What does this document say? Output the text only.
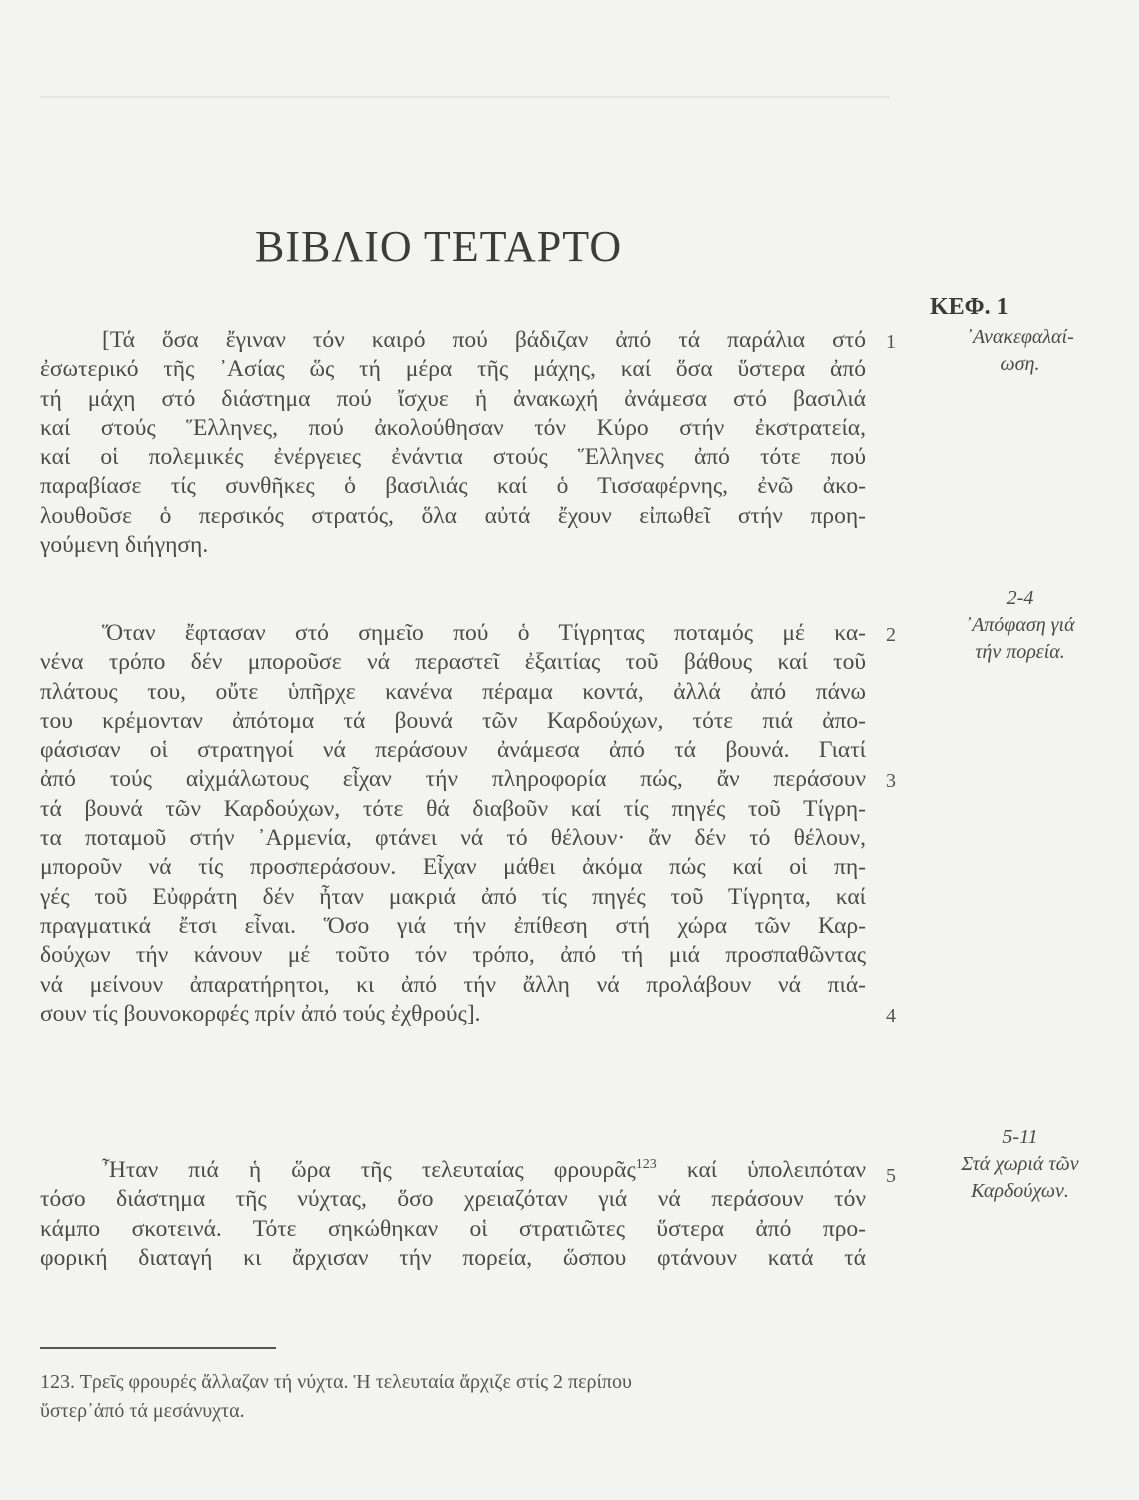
ΒΙΒΛΙΟ ΤΕΤΑΡΤΟ
ΚΕΦ. 1
᾿Ανακεφαλαί-
ωση.
2-4
᾿Απόφαση γιά
τήν πορεία.
5-11
Στά χωριά τῶν
Καρδούχων.
1
2
3
4
5

[Τά ὅσα ἔγιναν τόν καιρό πού βάδιζαν ἀπό τά παράλια στό
ἐσωτερικό τῆς ᾿Ασίας ὥς τή μέρα τῆς μάχης, καί ὅσα ὕστερα ἀπό
τή μάχη στό διάστημα πού ἴσχυε ἡ ἀνακωχή ἀνάμεσα στό βασιλιά
καί στούς Ἕλληνες, πού ἀκολούθησαν τόν Κύρο στήν ἐκστρατεία,
καί οἱ πολεμικές ἐνέργειες ἐνάντια στούς Ἕλληνες ἀπό τότε πού
παραβίασε τίς συνθῆκες ὁ βασιλιάς καί ὁ Τισσαφέρνης, ἐνῶ ἀκο-
λουθοῦσε ὁ περσικός στρατός, ὅλα αὐτά ἔχουν εἰπωθεῖ στήν προη-
γούμενη διήγηση.

Ὅταν ἔφτασαν στό σημεῖο πού ὁ Τίγρητας ποταμός μέ κα-
νένα τρόπο δέν μποροῦσε νά περαστεῖ ἐξαιτίας τοῦ βάθους καί τοῦ
πλάτους του, οὔτε ὑπῆρχε κανένα πέραμα κοντά, ἀλλά ἀπό πάνω
του κρέμονταν ἀπότομα τά βουνά τῶν Καρδούχων, τότε πιά ἀπο-
φάσισαν οἱ στρατηγοί νά περάσουν ἀνάμεσα ἀπό τά βουνά. Γιατί
ἀπό τούς αἰχμάλωτους εἶχαν τήν πληροφορία πώς, ἄν περάσουν
τά βουνά τῶν Καρδούχων, τότε θά διαβοῦν καί τίς πηγές τοῦ Τίγρη-
τα ποταμοῦ στήν ᾿Αρμενία, φτάνει νά τό θέλουν· ἄν δέν τό θέλουν,
μποροῦν νά τίς προσπεράσουν. Εἶχαν μάθει ἀκόμα πώς καί οἱ πη-
γές τοῦ Εὐφράτη δέν ἦταν μακριά ἀπό τίς πηγές τοῦ Τίγρητα, καί
πραγματικά ἔτσι εἶναι. Ὅσο γιά τήν ἐπίθεση στή χώρα τῶν Καρ-
δούχων τήν κάνουν μέ τοῦτο τόν τρόπο, ἀπό τή μιά προσπαθῶντας
νά μείνουν ἀπαρατήρητοι, κι ἀπό τήν ἄλλη νά προλάβουν νά πιά-
σουν τίς βουνοκορφές πρίν ἀπό τούς ἐχθρούς].

Ἦταν πιά ἡ ὥρα τῆς τελευταίας φρουρᾶς$^{123}$ καί ὑπολειπόταν
τόσο διάστημα τῆς νύχτας, ὅσο χρειαζόταν γιά νά περάσουν τόν
κάμπο σκοτεινά. Τότε σηκώθηκαν οἱ στρατιῶτες ὕστερα ἀπό προ-
φορική διαταγή κι ἄρχισαν τήν πορεία, ὥσπου φτάνουν κατά τά

123. Τρεῖς φρουρές ἄλλαζαν τή νύχτα. Ἡ τελευταία ἄρχιζε στίς 2 περίπου
ὕστερ᾿ἀπό τά μεσάνυχτα.
